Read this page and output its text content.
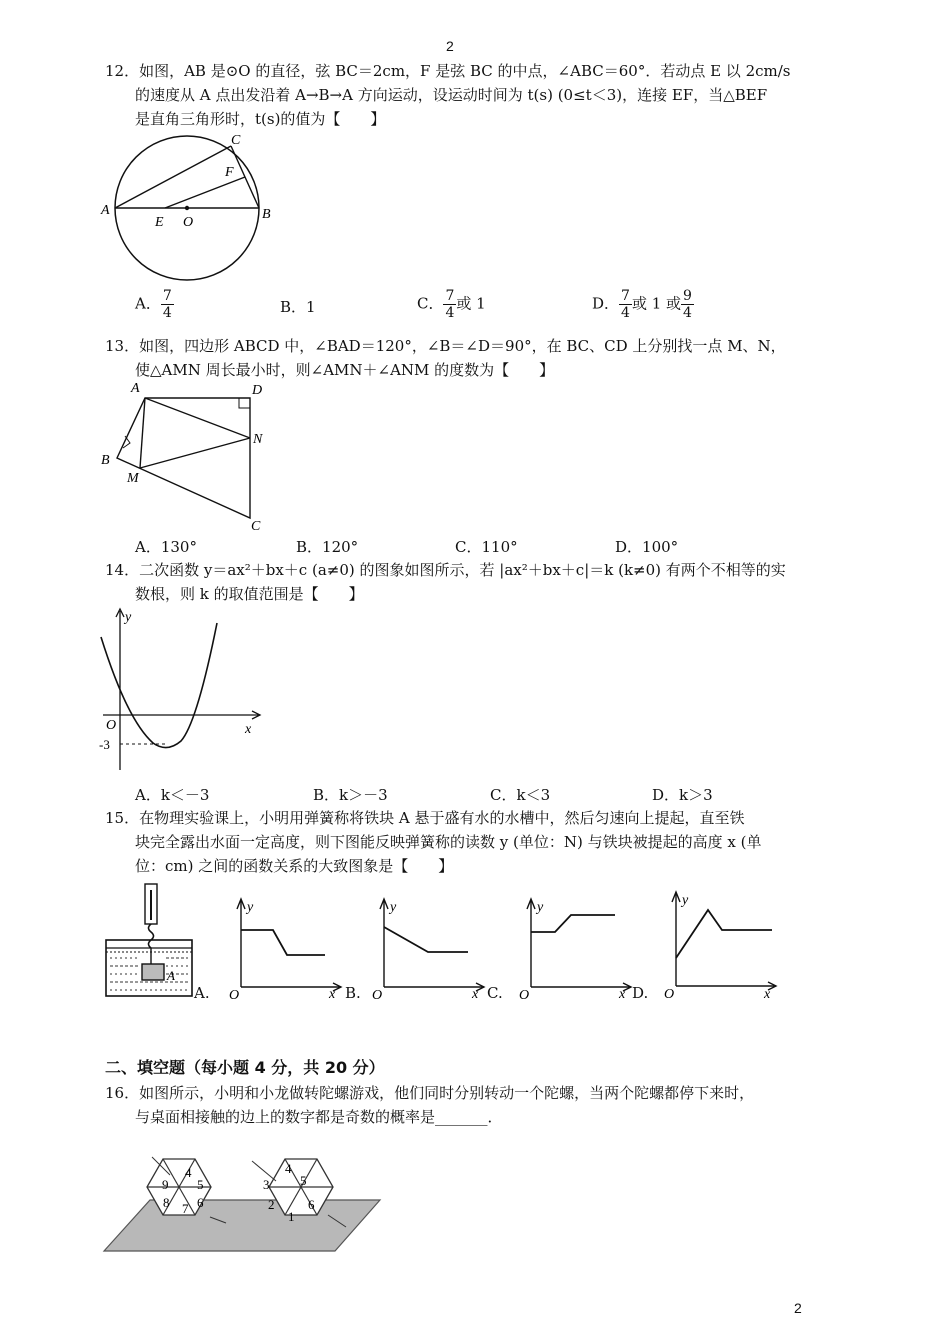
2
12．如图，AB 是⊙O 的直径，弦 BC＝2cm，F 是弦 BC 的中点，∠ABC＝60°．若动点 E 以 2cm/s
的速度从 A 点出发沿着 A→B→A 方向运动，设运动时间为 t(s) (0≤t＜3)，连接 EF，当△BEF
是直角三角形时，t(s)的值为【　　】
A	B
C
F
E O
A． $\frac{7}{4}$	B．1	C． $\frac{7}{4}$ 或 1	D． $\frac{7}{4}$ 或 1 或 $\frac{9}{4}$
13．如图，四边形 ABCD 中，∠BAD＝120°，∠B＝∠D＝90°，在 BC、CD 上分别找一点 M、N，
使△AMN 周长最小时，则∠AMN＋∠ANM 的度数为【　　】
A	D
N
B
M
C
A．130°	B．120°	C．110°	D．100°
14．二次函数 y＝ax²＋bx＋c (a≠0) 的图象如图所示，若 |ax²＋bx＋c|＝k (k≠0) 有两个不相等的实
数根，则 k 的取值范围是【　　】
y
x
O
-3
A．k＜－3	B．k＞－3	C．k＜3	D．k＞3
15．在物理实验课上，小明用弹簧称将铁块 A 悬于盛有水的水槽中，然后匀速向上提起，直至铁
块完全露出水面一定高度，则下图能反映弹簧称的读数 y (单位：N) 与铁块被提起的高度 x (单
位：cm) 之间的函数关系的大致图象是【　　】
A
A.
y
x
O	B.
y
x
O	C.
y
x
O	D.
y
x
O
二、填空题（每小题 4 分，共 20 分）
16．如图所示，小明和小龙做转陀螺游戏，他们同时分别转动一个陀螺，当两个陀螺都停下来时，
与桌面相接触的边上的数字都是奇数的概率是_______．
4
5
6
7
8
9
4
5
6
1
2
3
2
